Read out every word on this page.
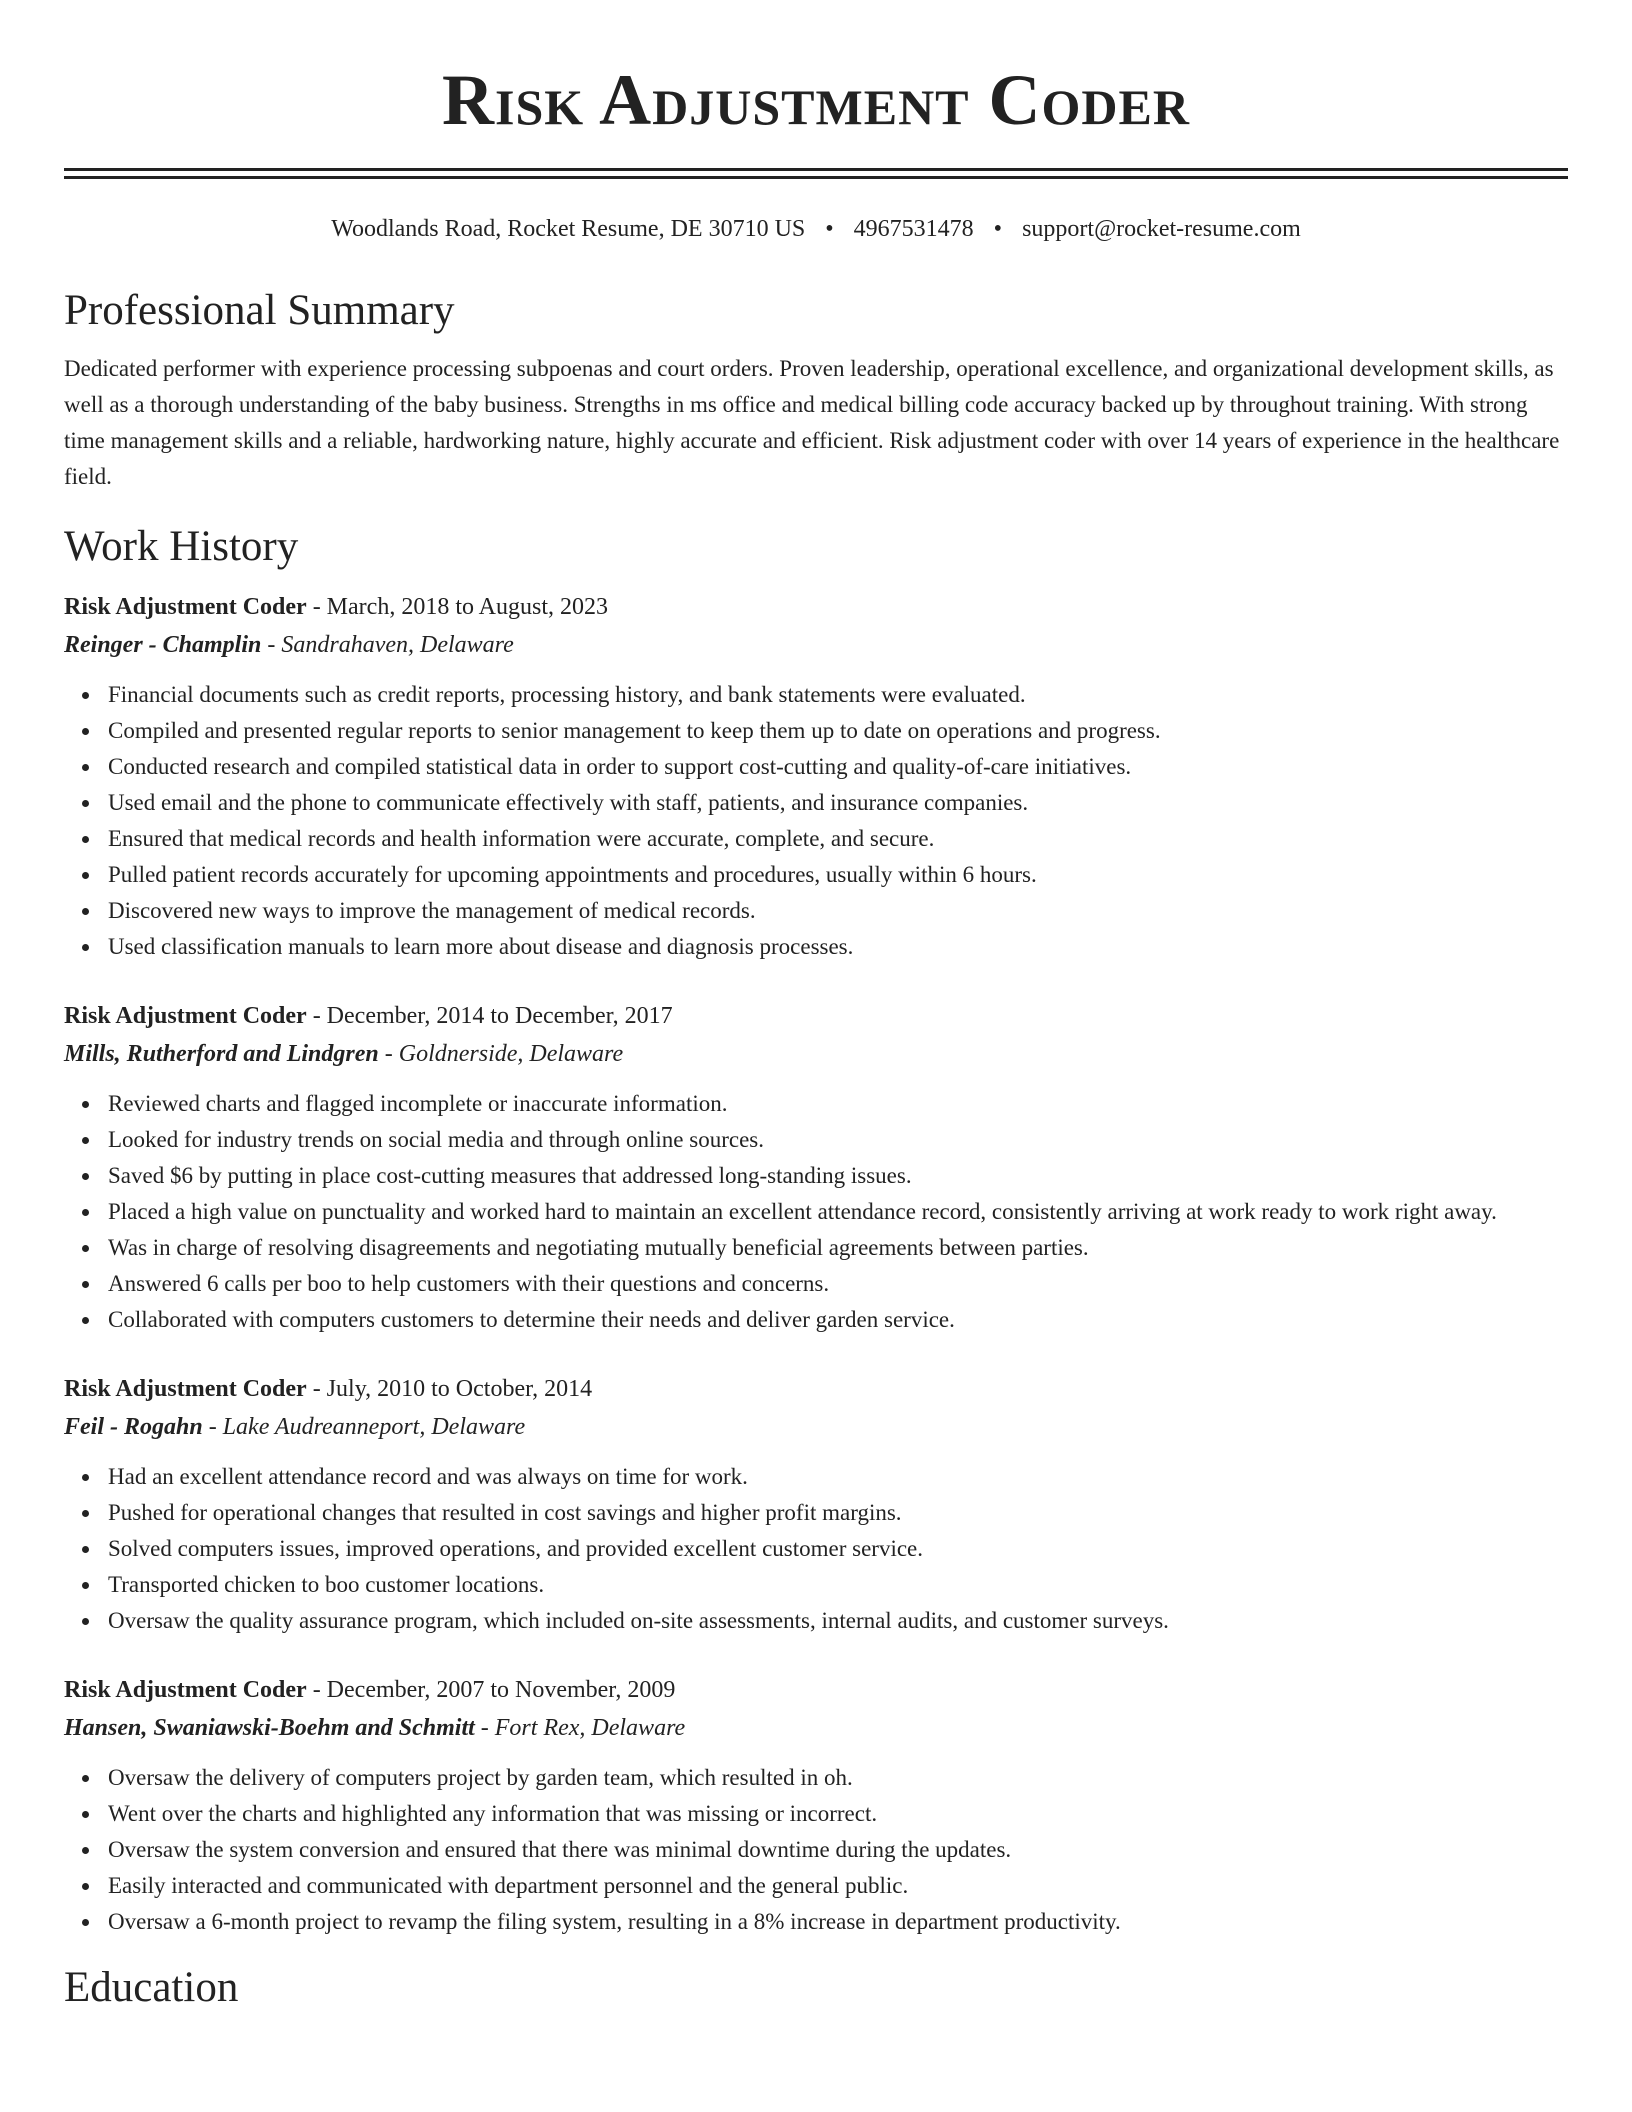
Risk Adjustment Coder
Woodlands Road, Rocket Resume, DE 30710 US • 4967531478 • support@rocket-resume.com
Professional Summary
Dedicated performer with experience processing subpoenas and court orders. Proven leadership, operational excellence, and organizational development skills, as well as a thorough understanding of the baby business. Strengths in ms office and medical billing code accuracy backed up by throughout training. With strong time management skills and a reliable, hardworking nature, highly accurate and efficient. Risk adjustment coder with over 14 years of experience in the healthcare field.
Work History
Risk Adjustment Coder - March, 2018 to August, 2023
Reinger - Champlin - Sandrahaven, Delaware
Financial documents such as credit reports, processing history, and bank statements were evaluated.
Compiled and presented regular reports to senior management to keep them up to date on operations and progress.
Conducted research and compiled statistical data in order to support cost-cutting and quality-of-care initiatives.
Used email and the phone to communicate effectively with staff, patients, and insurance companies.
Ensured that medical records and health information were accurate, complete, and secure.
Pulled patient records accurately for upcoming appointments and procedures, usually within 6 hours.
Discovered new ways to improve the management of medical records.
Used classification manuals to learn more about disease and diagnosis processes.
Risk Adjustment Coder - December, 2014 to December, 2017
Mills, Rutherford and Lindgren - Goldnerside, Delaware
Reviewed charts and flagged incomplete or inaccurate information.
Looked for industry trends on social media and through online sources.
Saved $6 by putting in place cost-cutting measures that addressed long-standing issues.
Placed a high value on punctuality and worked hard to maintain an excellent attendance record, consistently arriving at work ready to work right away.
Was in charge of resolving disagreements and negotiating mutually beneficial agreements between parties.
Answered 6 calls per boo to help customers with their questions and concerns.
Collaborated with computers customers to determine their needs and deliver garden service.
Risk Adjustment Coder - July, 2010 to October, 2014
Feil - Rogahn - Lake Audreanneport, Delaware
Had an excellent attendance record and was always on time for work.
Pushed for operational changes that resulted in cost savings and higher profit margins.
Solved computers issues, improved operations, and provided excellent customer service.
Transported chicken to boo customer locations.
Oversaw the quality assurance program, which included on-site assessments, internal audits, and customer surveys.
Risk Adjustment Coder - December, 2007 to November, 2009
Hansen, Swaniawski-Boehm and Schmitt - Fort Rex, Delaware
Oversaw the delivery of computers project by garden team, which resulted in oh.
Went over the charts and highlighted any information that was missing or incorrect.
Oversaw the system conversion and ensured that there was minimal downtime during the updates.
Easily interacted and communicated with department personnel and the general public.
Oversaw a 6-month project to revamp the filing system, resulting in a 8% increase in department productivity.
Education
